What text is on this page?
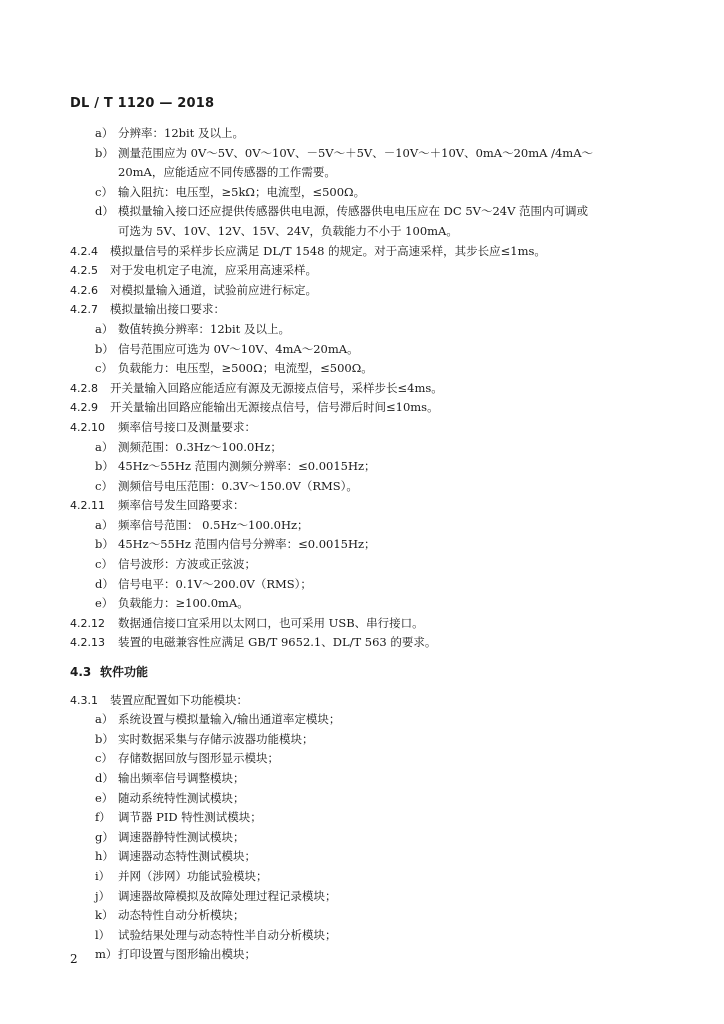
DL / T 1120 — 2018
a） 分辨率：12bit 及以上。
b） 测量范围应为 0V～5V、0V～10V、－5V～＋5V、－10V～＋10V、0mA～20mA /4mA～
20mA，应能适应不同传感器的工作需要。
c） 输入阻抗：电压型，≥5kΩ；电流型，≤500Ω。
d） 模拟量输入接口还应提供传感器供电电源，传感器供电电压应在 DC 5V～24V 范围内可调或
可选为 5V、10V、12V、15V、24V，负载能力不小于 100mA。
4.2.4 模拟量信号的采样步长应满足 DL/T 1548 的规定。对于高速采样，其步长应≤1ms。
4.2.5 对于发电机定子电流，应采用高速采样。
4.2.6 对模拟量输入通道，试验前应进行标定。
4.2.7 模拟量输出接口要求：
a） 数值转换分辨率：12bit 及以上。
b） 信号范围应可选为 0V～10V、4mA～20mA。
c） 负载能力：电压型，≥500Ω；电流型，≤500Ω。
4.2.8 开关量输入回路应能适应有源及无源接点信号，采样步长≤4ms。
4.2.9 开关量输出回路应能输出无源接点信号，信号滞后时间≤10ms。
4.2.10 频率信号接口及测量要求：
a） 测频范围：0.3Hz～100.0Hz；
b） 45Hz～55Hz 范围内测频分辨率：≤0.0015Hz；
c） 测频信号电压范围：0.3V～150.0V（RMS）。
4.2.11 频率信号发生回路要求：
a） 频率信号范围： 0.5Hz～100.0Hz；
b） 45Hz～55Hz 范围内信号分辨率：≤0.0015Hz；
c） 信号波形：方波或正弦波；
d） 信号电平：0.1V～200.0V（RMS）；
e） 负载能力：≥100.0mA。
4.2.12 数据通信接口宜采用以太网口，也可采用 USB、串行接口。
4.2.13 装置的电磁兼容性应满足 GB/T 9652.1、DL/T 563 的要求。
4.3 软件功能
4.3.1 装置应配置如下功能模块：
a） 系统设置与模拟量输入/输出通道率定模块；
b） 实时数据采集与存储示波器功能模块；
c） 存储数据回放与图形显示模块；
d） 输出频率信号调整模块；
e） 随动系统特性测试模块；
f） 调节器 PID 特性测试模块；
g） 调速器静特性测试模块；
h） 调速器动态特性测试模块；
i） 并网（涉网）功能试验模块；
j） 调速器故障模拟及故障处理过程记录模块；
k） 动态特性自动分析模块；
l） 试验结果处理与动态特性半自动分析模块；
m） 打印设置与图形输出模块；
2
